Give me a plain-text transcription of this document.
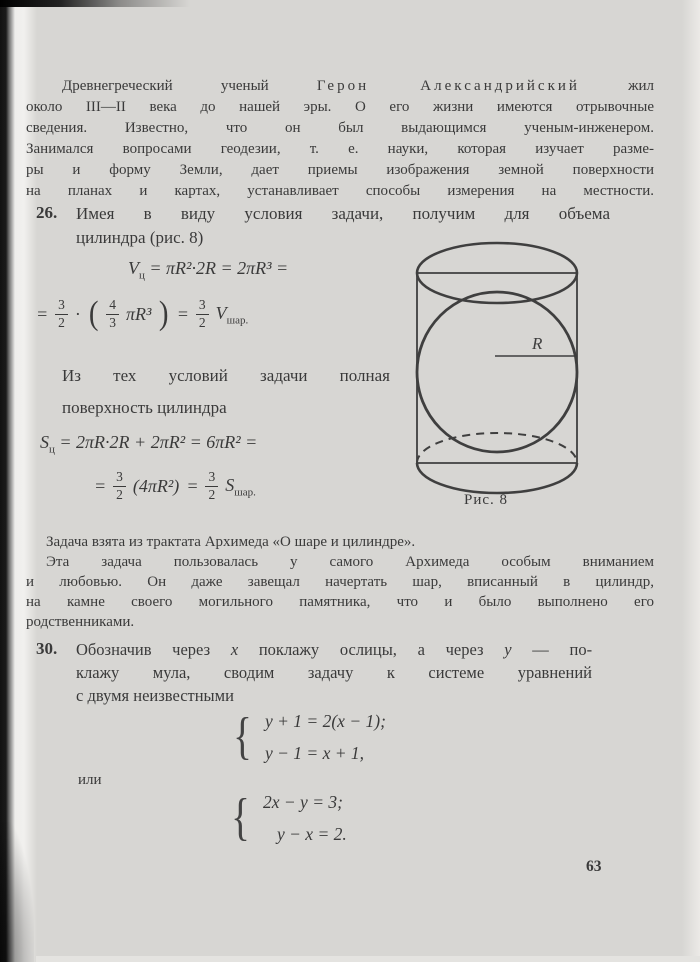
Древнегреческий ученый	Герон Александрийский	жил
около III—II века до нашей эры. О его жизни имеются отрывочные
сведения. Известно, что он был выдающимся ученым-инженером.
Занимался вопросами геодезии, т. е. науки, которая изучает разме-
ры и форму Земли, дает приемы изображения земной поверхности
на планах и картах, устанавливает способы измерения на местности.
26. Имея в виду условия задачи, получим для объема
цилиндра (рис. 8)
$V_ц = \pi R^2\cdot 2R = 2\pi R^3$ =
= $\frac{3}{2}$ · ( $\frac{4}{3} \pi R^3$ ) = $\frac{3}{2} V_{шар.}$
Из тех условий задачи полная
поверхность цилиндра
$S_ц = 2\pi R\cdot 2R + 2\pi R^2 = 6\pi R^2$ =
= $\frac{3}{2} (4\pi R^2) = \frac{3}{2} S_{шар.}$
R
Рис. 8
Задача взята из трактата Архимеда «О шаре и цилиндре».
Эта задача пользовалась у самого Архимеда особым вниманием
и любовью. Он даже завещал начертать шар, вписанный в цилиндр,
на камне своего могильного памятника, что и было выполнено его
родственниками.
30. Обозначив через x поклажу ослицы, а через y — по-
клажу мула, сводим задачу к системе уравнений
с двумя неизвестными
{ y + 1 = 2(x − 1);
y − 1 = x + 1,
или
{ 2x − y = 3;
y − x = 2.
63
